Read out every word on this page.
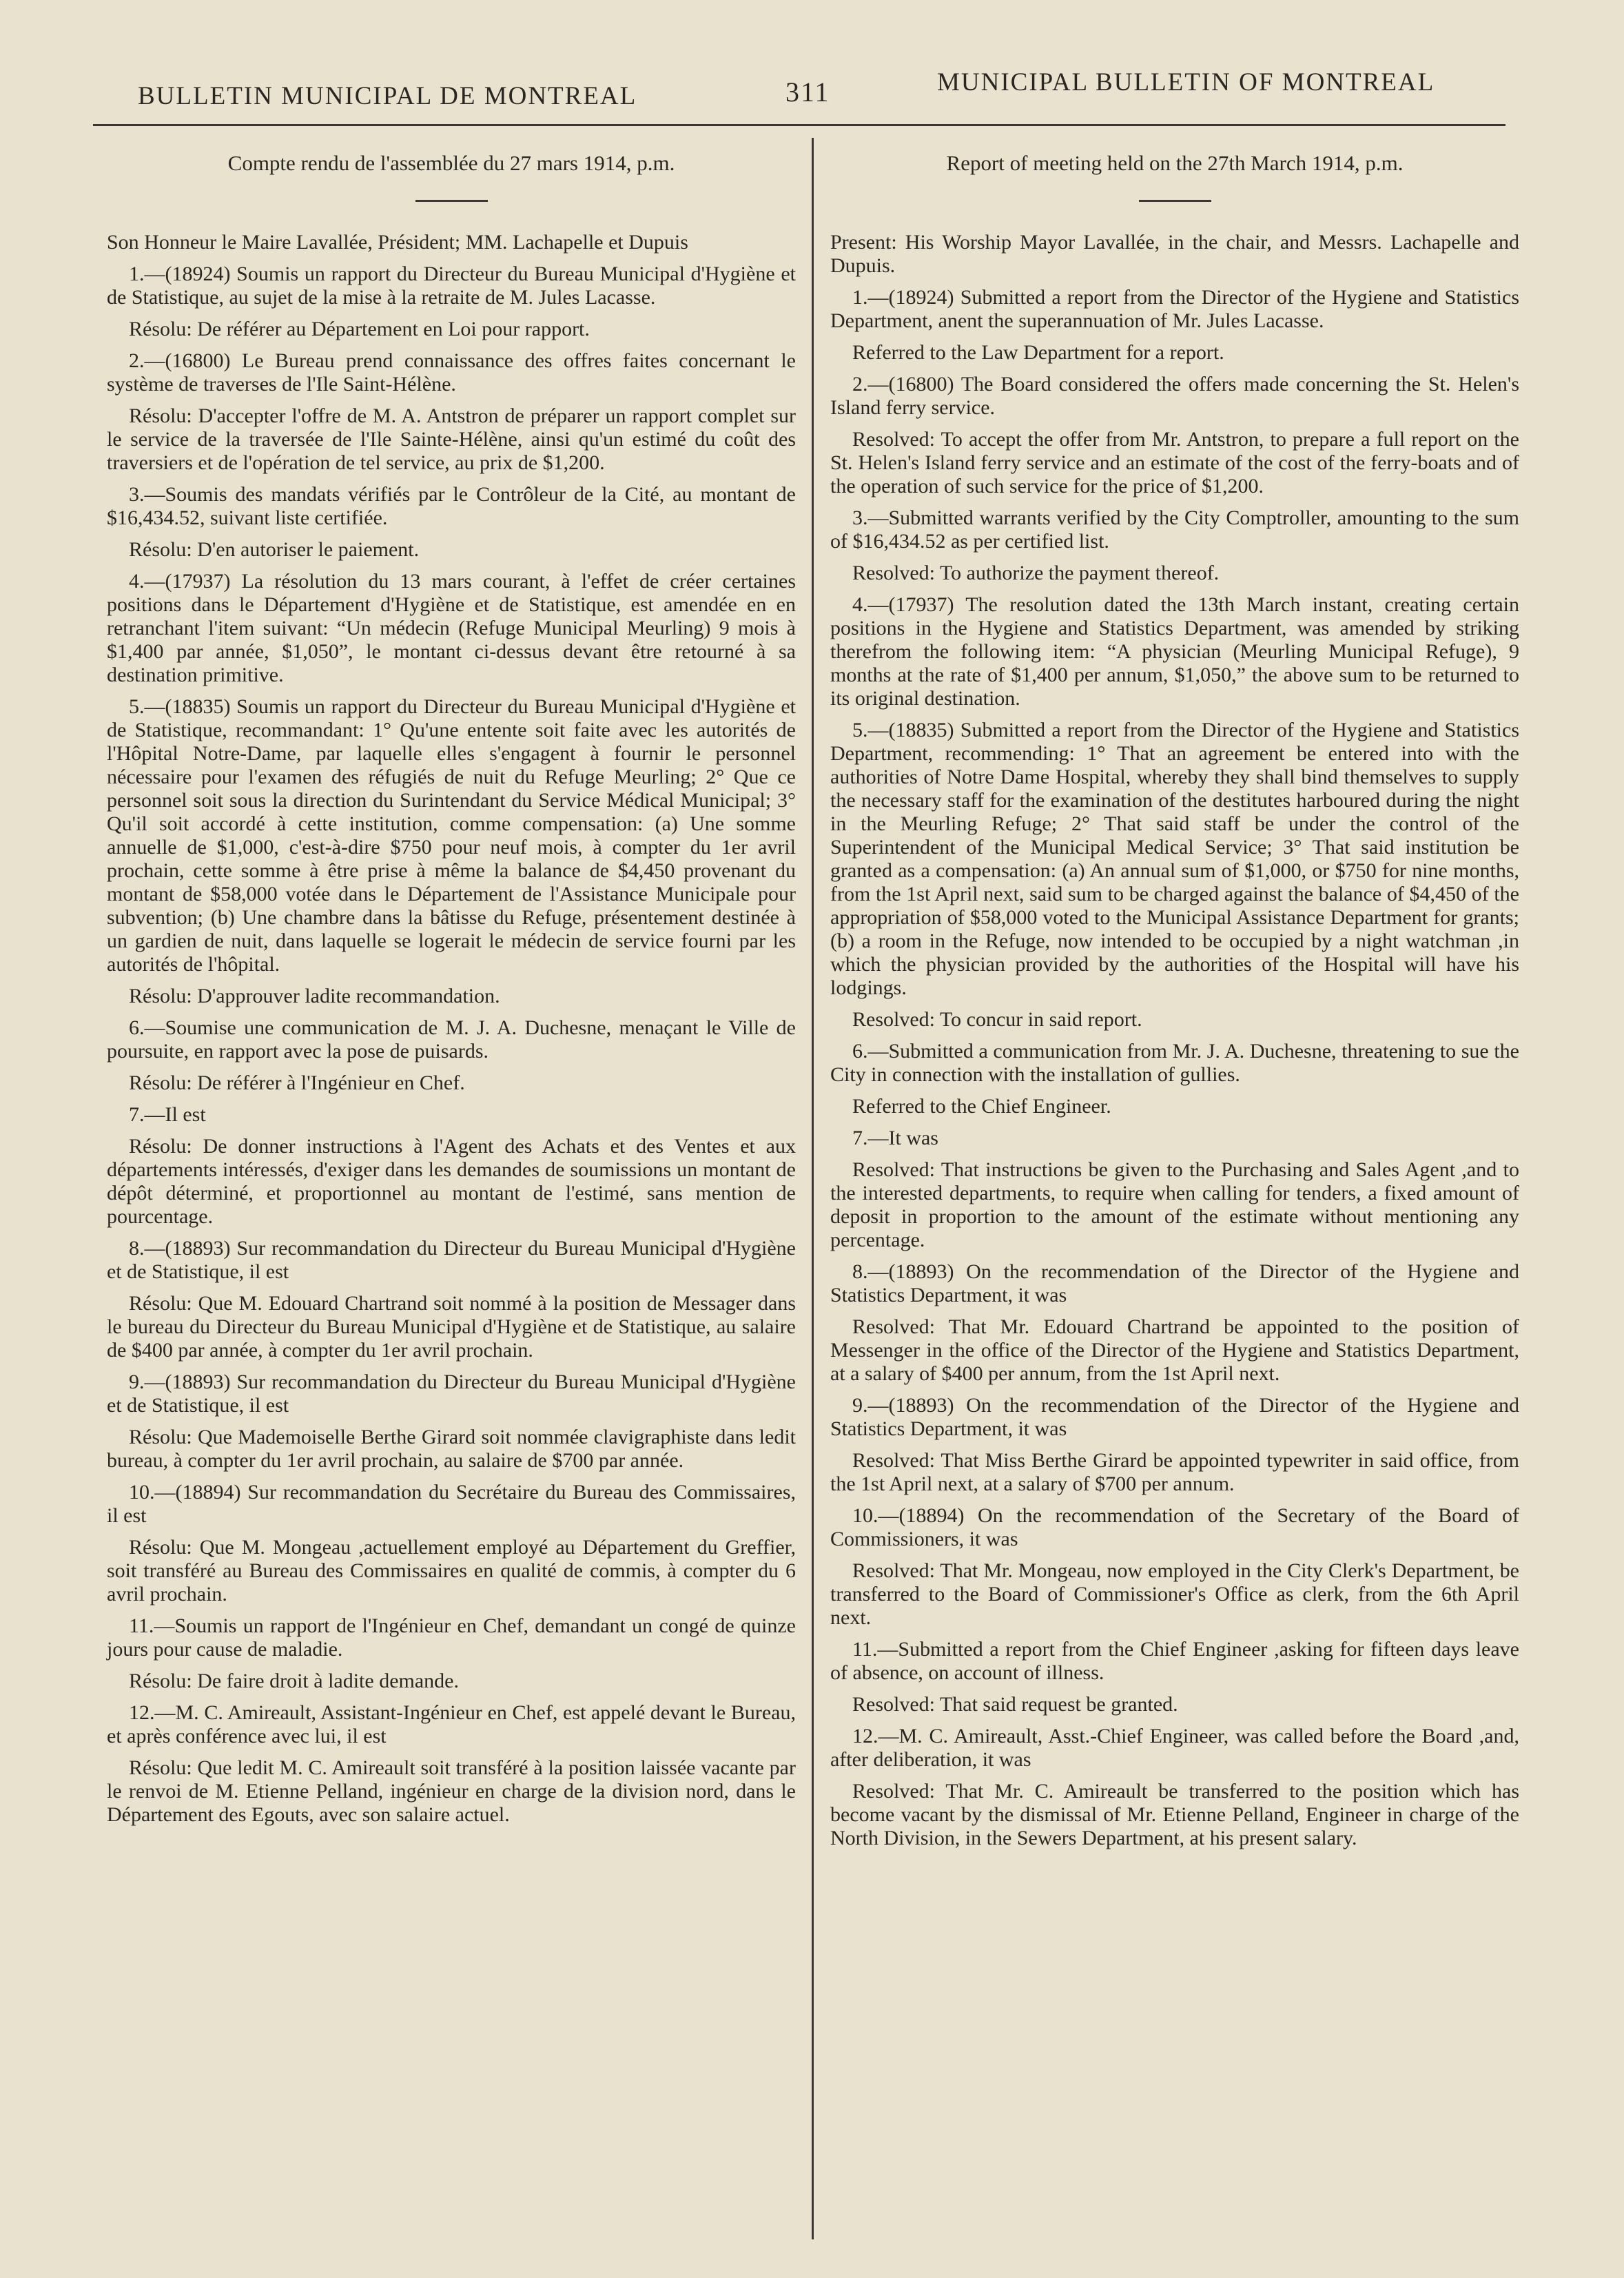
BULLETIN MUNICIPAL DE MONTREAL	311	MUNICIPAL BULLETIN OF MONTREAL
Compte rendu de l'assemblée du 27 mars 1914, p.m.

Son Honneur le Maire Lavallée, Président; MM. Lachapelle et Dupuis

1.—(18924) Soumis un rapport du Directeur du Bureau Municipal d'Hygiène et de Statistique, au sujet de la mise à la retraite de M. Jules Lacasse.

Résolu: De référer au Département en Loi pour rapport.

2.—(16800) Le Bureau prend connaissance des offres faites concernant le système de traverses de l'Ile Saint-Hélène.

Résolu: D'accepter l'offre de M. A. Antstron de préparer un rapport complet sur le service de la traversée de l'Ile Sainte-Hélène, ainsi qu'un estimé du coût des traversiers et de l'opération de tel service, au prix de $1,200.

3.—Soumis des mandats vérifiés par le Contrôleur de la Cité, au montant de $16,434.52, suivant liste certifiée.

Résolu: D'en autoriser le paiement.

4.—(17937) La résolution du 13 mars courant, à l'effet de créer certaines positions dans le Département d'Hygiène et de Statistique, est amendée en en retranchant l'item suivant: “Un médecin (Refuge Municipal Meurling) 9 mois à $1,400 par année, $1,050”, le montant ci-dessus devant être retourné à sa destination primitive.

5.—(18835) Soumis un rapport du Directeur du Bureau Municipal d'Hygiène et de Statistique, recommandant: 1° Qu'une entente soit faite avec les autorités de l'Hôpital Notre-Dame, par laquelle elles s'engagent à fournir le personnel nécessaire pour l'examen des réfugiés de nuit du Refuge Meurling; 2° Que ce personnel soit sous la direction du Surintendant du Service Médical Municipal; 3° Qu'il soit accordé à cette institution, comme compensation: (a) Une somme annuelle de $1,000, c'est-à-dire $750 pour neuf mois, à compter du 1er avril prochain, cette somme à être prise à même la balance de $4,450 provenant du montant de $58,000 votée dans le Département de l'Assistance Municipale pour subvention; (b) Une chambre dans la bâtisse du Refuge, présentement destinée à un gardien de nuit, dans laquelle se logerait le médecin de service fourni par les autorités de l'hôpital.

Résolu: D'approuver ladite recommandation.

6.—Soumise une communication de M. J. A. Duchesne, menaçant le Ville de poursuite, en rapport avec la pose de puisards.

Résolu: De référer à l'Ingénieur en Chef.

7.—Il est

Résolu: De donner instructions à l'Agent des Achats et des Ventes et aux départements intéressés, d'exiger dans les demandes de soumissions un montant de dépôt déterminé, et proportionnel au montant de l'estimé, sans mention de pourcentage.

8.—(18893) Sur recommandation du Directeur du Bureau Municipal d'Hygiène et de Statistique, il est

Résolu: Que M. Edouard Chartrand soit nommé à la position de Messager dans le bureau du Directeur du Bureau Municipal d'Hygiène et de Statistique, au salaire de $400 par année, à compter du 1er avril prochain.

9.—(18893) Sur recommandation du Directeur du Bureau Municipal d'Hygiène et de Statistique, il est

Résolu: Que Mademoiselle Berthe Girard soit nommée clavigraphiste dans ledit bureau, à compter du 1er avril prochain, au salaire de $700 par année.

10.—(18894) Sur recommandation du Secrétaire du Bureau des Commissaires, il est

Résolu: Que M. Mongeau ,actuellement employé au Département du Greffier, soit transféré au Bureau des Commissaires en qualité de commis, à compter du 6 avril prochain.

11.—Soumis un rapport de l'Ingénieur en Chef, demandant un congé de quinze jours pour cause de maladie.

Résolu: De faire droit à ladite demande.

12.—M. C. Amireault, Assistant-Ingénieur en Chef, est appelé devant le Bureau, et après conférence avec lui, il est

Résolu: Que ledit M. C. Amireault soit transféré à la position laissée vacante par le renvoi de M. Etienne Pelland, ingénieur en charge de la division nord, dans le Département des Egouts, avec son salaire actuel.

Report of meeting held on the 27th March 1914, p.m.

Present: His Worship Mayor Lavallée, in the chair, and Messrs. Lachapelle and Dupuis.

1.—(18924) Submitted a report from the Director of the Hygiene and Statistics Department, anent the superannuation of Mr. Jules Lacasse.

Referred to the Law Department for a report.

2.—(16800) The Board considered the offers made concerning the St. Helen's Island ferry service.

Resolved: To accept the offer from Mr. Antstron, to prepare a full report on the St. Helen's Island ferry service and an estimate of the cost of the ferry-boats and of the operation of such service for the price of $1,200.

3.—Submitted warrants verified by the City Comptroller, amounting to the sum of $16,434.52 as per certified list.

Resolved: To authorize the payment thereof.

4.—(17937) The resolution dated the 13th March instant, creating certain positions in the Hygiene and Statistics Department, was amended by striking therefrom the following item: “A physician (Meurling Municipal Refuge), 9 months at the rate of $1,400 per annum, $1,050,” the above sum to be returned to its original destination.

5.—(18835) Submitted a report from the Director of the Hygiene and Statistics Department, recommending: 1° That an agreement be entered into with the authorities of Notre Dame Hospital, whereby they shall bind themselves to supply the necessary staff for the examination of the destitutes harboured during the night in the Meurling Refuge; 2° That said staff be under the control of the Superintendent of the Municipal Medical Service; 3° That said institution be granted as a compensation: (a) An annual sum of $1,000, or $750 for nine months, from the 1st April next, said sum to be charged against the balance of $4,450 of the appropriation of $58,000 voted to the Municipal Assistance Department for grants; (b) a room in the Refuge, now intended to be occupied by a night watchman ,in which the physician provided by the authorities of the Hospital will have his lodgings.

Resolved: To concur in said report.

6.—Submitted a communication from Mr. J. A. Duchesne, threatening to sue the City in connection with the installation of gullies.

Referred to the Chief Engineer.

7.—It was

Resolved: That instructions be given to the Purchasing and Sales Agent ,and to the interested departments, to require when calling for tenders, a fixed amount of deposit in proportion to the amount of the estimate without mentioning any percentage.

8.—(18893) On the recommendation of the Director of the Hygiene and Statistics Department, it was

Resolved: That Mr. Edouard Chartrand be appointed to the position of Messenger in the office of the Director of the Hygiene and Statistics Department, at a salary of $400 per annum, from the 1st April next.

9.—(18893) On the recommendation of the Director of the Hygiene and Statistics Department, it was

Resolved: That Miss Berthe Girard be appointed typewriter in said office, from the 1st April next, at a salary of $700 per annum.

10.—(18894) On the recommendation of the Secretary of the Board of Commissioners, it was

Resolved: That Mr. Mongeau, now employed in the City Clerk's Department, be transferred to the Board of Commissioner's Office as clerk, from the 6th April next.

11.—Submitted a report from the Chief Engineer ,asking for fifteen days leave of absence, on account of illness.

Resolved: That said request be granted.

12.—M. C. Amireault, Asst.-Chief Engineer, was called before the Board ,and, after deliberation, it was

Resolved: That Mr. C. Amireault be transferred to the position which has become vacant by the dismissal of Mr. Etienne Pelland, Engineer in charge of the North Division, in the Sewers Department, at his present salary.
